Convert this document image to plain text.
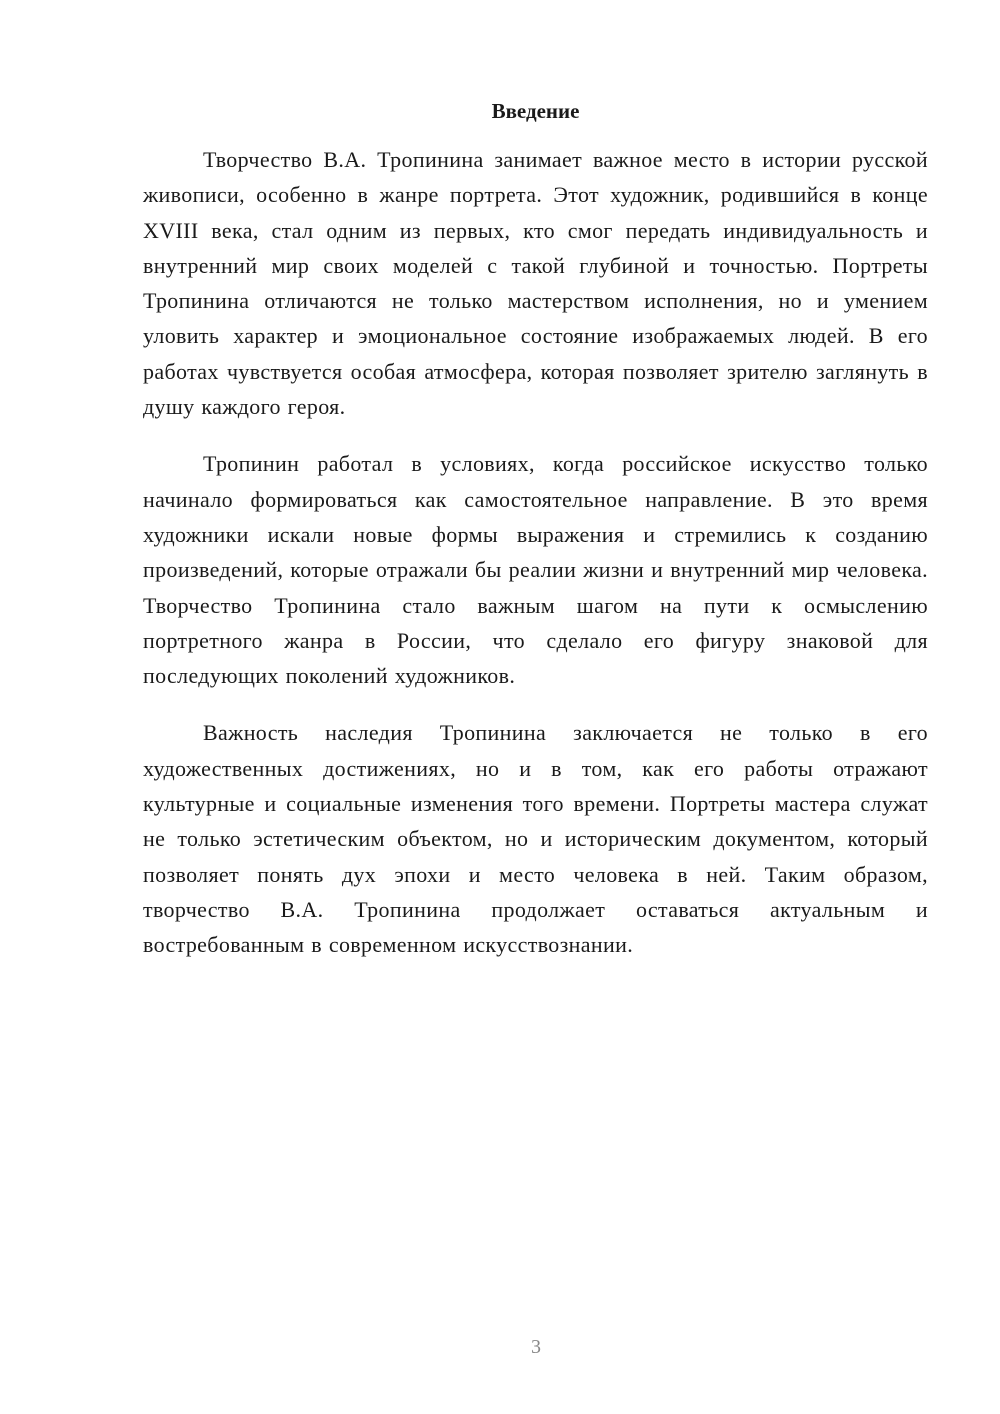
Введение

Творчество В.А. Тропинина занимает важное место в истории русской живописи, особенно в жанре портрета. Этот художник, родившийся в конце XVIII века, стал одним из первых, кто смог передать индивидуальность и внутренний мир своих моделей с такой глубиной и точностью. Портреты Тропинина отличаются не только мастерством исполнения, но и умением уловить характер и эмоциональное состояние изображаемых людей. В его работах чувствуется особая атмосфера, которая позволяет зрителю заглянуть в душу каждого героя.

Тропинин работал в условиях, когда российское искусство только начинало формироваться как самостоятельное направление. В это время художники искали новые формы выражения и стремились к созданию произведений, которые отражали бы реалии жизни и внутренний мир человека. Творчество Тропинина стало важным шагом на пути к осмыслению портретного жанра в России, что сделало его фигуру знаковой для последующих поколений художников.

Важность наследия Тропинина заключается не только в его художественных достижениях, но и в том, как его работы отражают культурные и социальные изменения того времени. Портреты мастера служат не только эстетическим объектом, но и историческим документом, который позволяет понять дух эпохи и место человека в ней. Таким образом, творчество В.А. Тропинина продолжает оставаться актуальным и востребованным в современном искусствознании.

3
